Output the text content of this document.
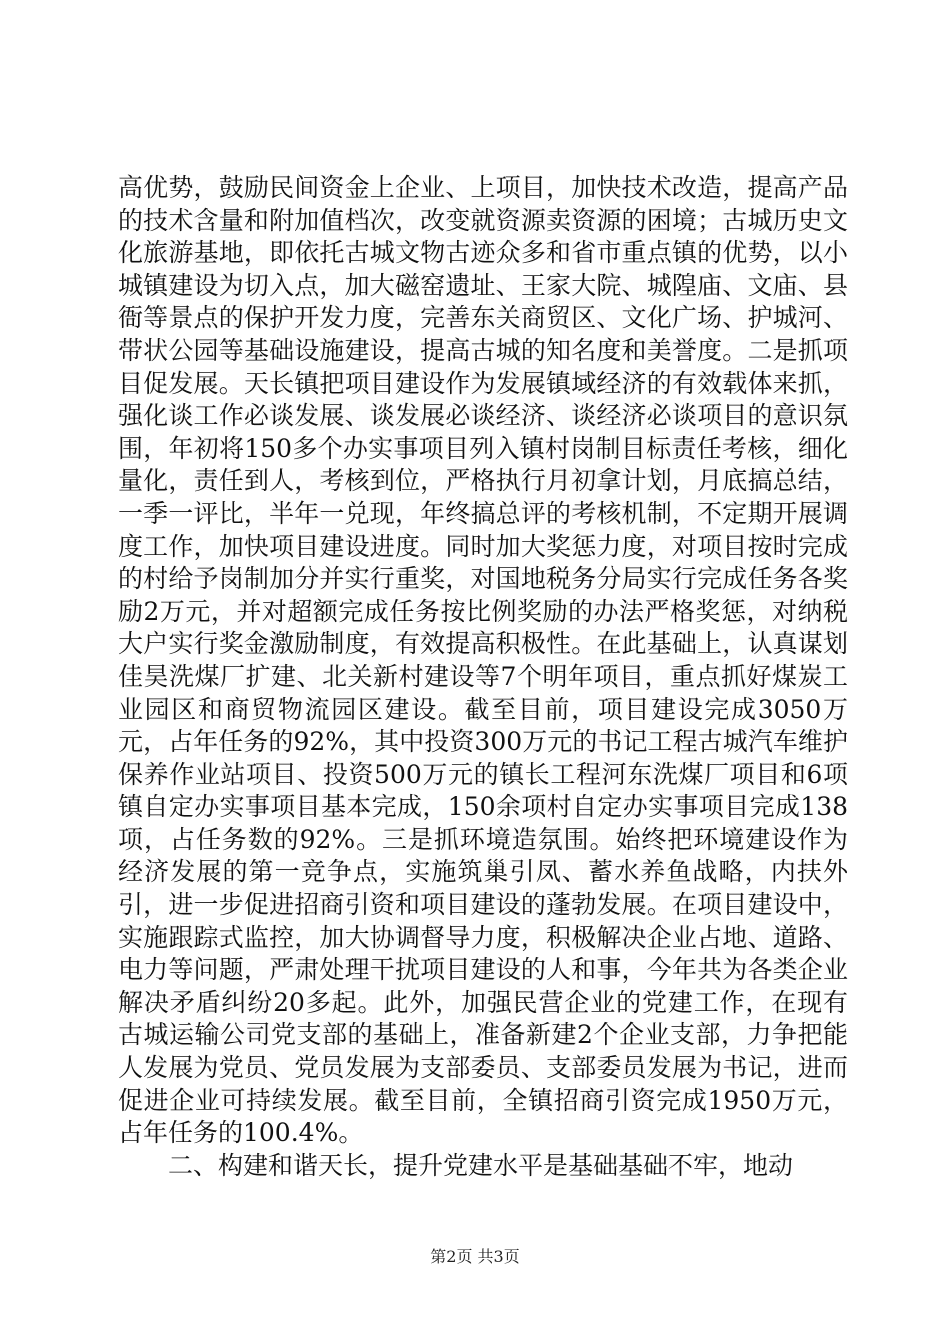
高优势，鼓励民间资金上企业、上项目，加快技术改造，提高产品的技术含量和附加值档次，改变就资源卖资源的困境；古城历史文化旅游基地，即依托古城文物古迹众多和省市重点镇的优势，以小城镇建设为切入点，加大磁窑遗址、王家大院、城隍庙、文庙、县衙等景点的保护开发力度，完善东关商贸区、文化广场、护城河、带状公园等基础设施建设，提高古城的知名度和美誉度。二是抓项目促发展。天长镇把项目建设作为发展镇域经济的有效载体来抓，强化谈工作必谈发展、谈发展必谈经济、谈经济必谈项目的意识氛围，年初将150多个办实事项目列入镇村岗制目标责任考核，细化量化，责任到人，考核到位，严格执行月初拿计划，月底搞总结，一季一评比，半年一兑现，年终搞总评的考核机制，不定期开展调度工作，加快项目建设进度。同时加大奖惩力度，对项目按时完成的村给予岗制加分并实行重奖，对国地税务分局实行完成任务各奖励2万元，并对超额完成任务按比例奖励的办法严格奖惩，对纳税大户实行奖金激励制度，有效提高积极性。在此基础上，认真谋划佳昊洗煤厂扩建、北关新村建设等7个明年项目，重点抓好煤炭工业园区和商贸物流园区建设。截至目前，项目建设完成3050万元，占年任务的92%，其中投资300万元的书记工程古城汽车维护保养作业站项目、投资500万元的镇长工程河东洗煤厂项目和6项镇自定办实事项目基本完成，150余项村自定办实事项目完成138项，占任务数的92%。三是抓环境造氛围。始终把环境建设作为经济发展的第一竞争点，实施筑巢引凤、蓄水养鱼战略，内扶外引，进一步促进招商引资和项目建设的蓬勃发展。在项目建设中，实施跟踪式监控，加大协调督导力度，积极解决企业占地、道路、电力等问题，严肃处理干扰项目建设的人和事，今年共为各类企业解决矛盾纠纷20多起。此外，加强民营企业的党建工作，在现有古城运输公司党支部的基础上，准备新建2个企业支部，力争把能人发展为党员、党员发展为支部委员、支部委员发展为书记，进而促进企业可持续发展。截至目前，全镇招商引资完成1950万元，占年任务的100.4%。

二、构建和谐天长，提升党建水平是基础基础不牢，地动

第2页 共3页
